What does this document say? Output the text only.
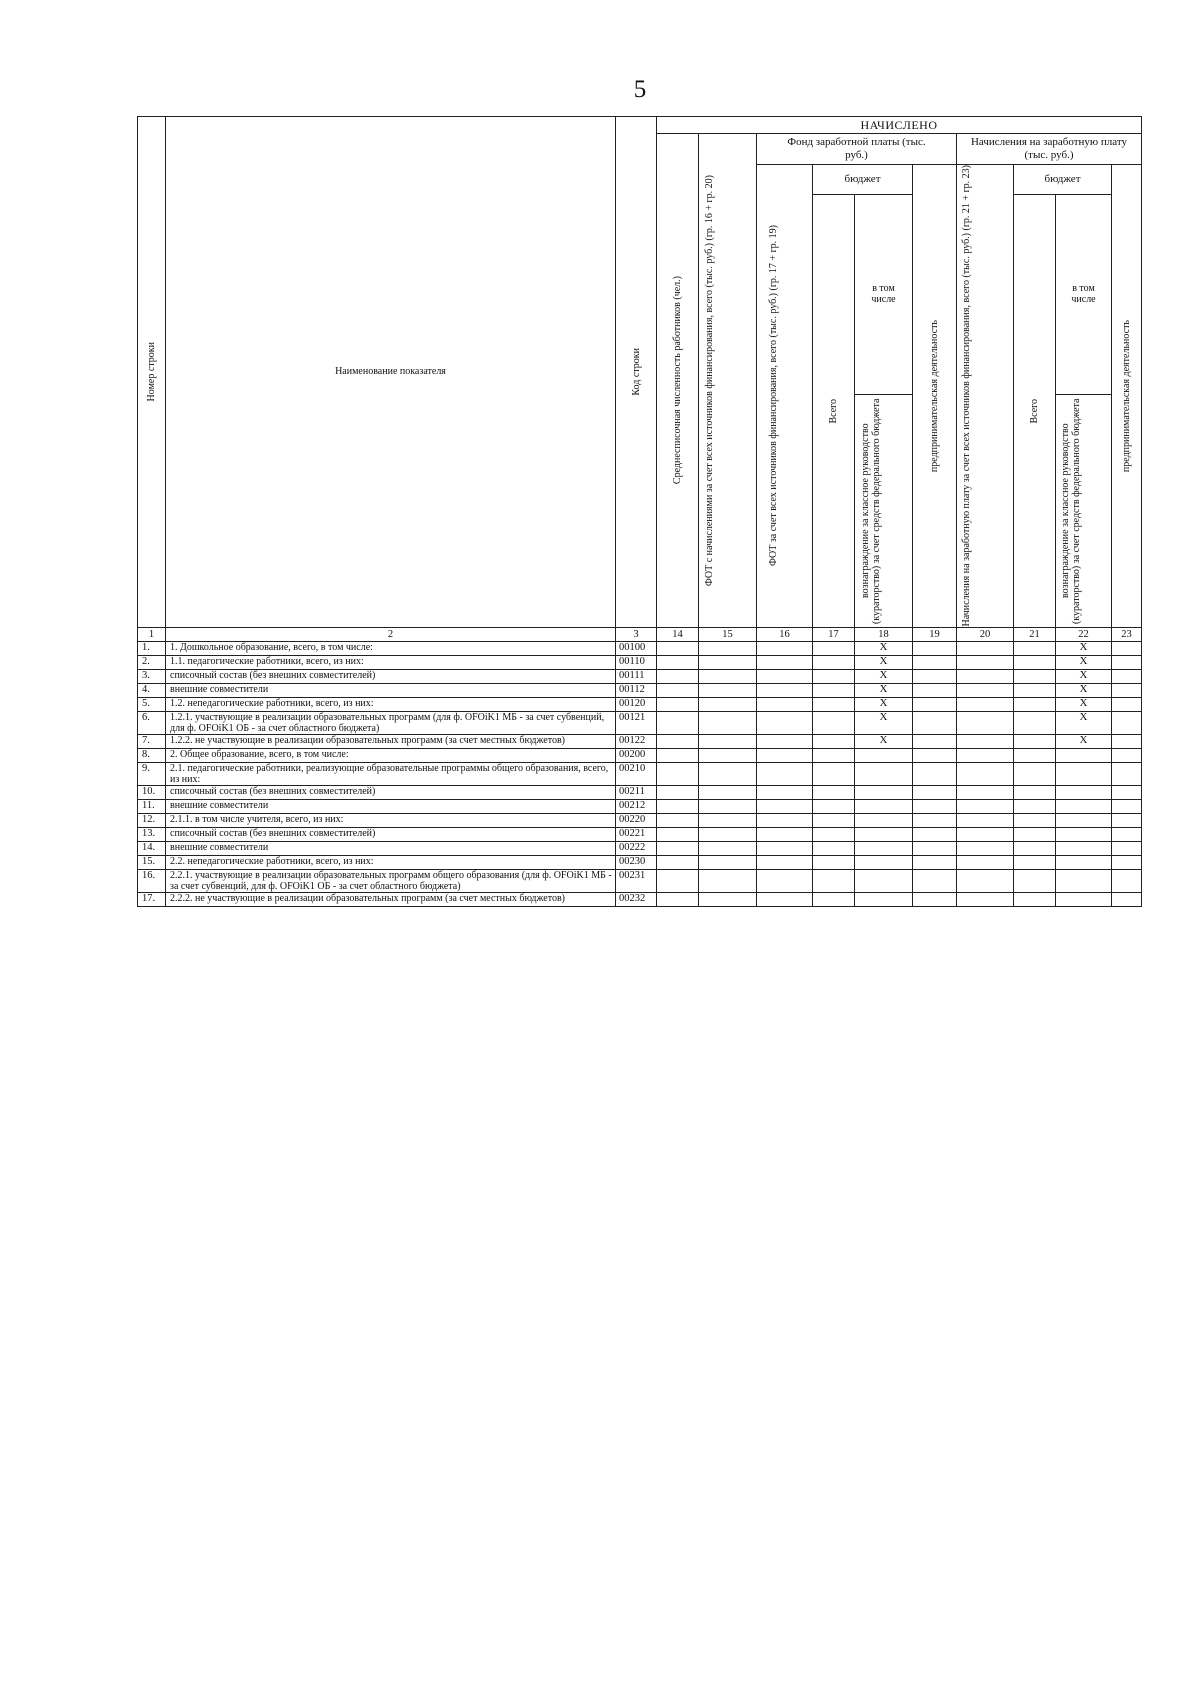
5
Номер строки	Наименование показателя	Код строки	НАЧИСЛЕНО									

			Среднесписочная численность работников (чел.)	ФОТ с начислениями за счет всех источников финансирования, всего (тыс. руб.) (гр. 16 + гр. 20)	Фонд заработной платы (тыс. руб.)				Начисления на заработную плату (тыс. руб.)			

					ФОТ за счет всех источников финансирования, всего (тыс. руб.) (гр. 17 + гр. 19)	бюджет		предпринимательская деятельность	Начисления на заработную плату за счет всех источников финансирования, всего (тыс. руб.) (гр. 21 + гр. 23)	бюджет		предпринимательская деятельность

						Всего	в том числе			Всего	в том числе	

							вознаграждение за классное руководство (кураторство) за счет средств федерального бюджета				вознаграждение за классное руководство (кураторство) за счет средств федерального бюджета	

1	2	3	14	15	16	17	18	19	20	21	22	23
1.	1. Дошкольное образование, всего, в том числе:	00100					X				X	
2.	1.1. педагогические работники, всего, из них:	00110					X				X	
3.	списочный состав (без внешних совместителей)	00111					X				X	
4.	внешние совместители	00112					X				X	
5.	1.2. непедагогические работники, всего, из них:	00120					X				X	
6.	1.2.1. участвующие в реализации образовательных программ (для ф. OFOiK1 МБ - за счет субвенций, для ф. OFOiK1 ОБ - за счет областного бюджета)	00121					X				X	
7.	1.2.2. не участвующие в реализации образовательных программ (за счет местных бюджетов)	00122					X				X	
8.	2. Общее образование, всего, в том числе:	00200										
9.	2.1. педагогические работники, реализующие образовательные программы общего образования, всего, из них:	00210										
10.	списочный состав (без внешних совместителей)	00211										
11.	внешние совместители	00212										
12.	2.1.1. в том числе учителя, всего, из них:	00220										
13.	списочный состав (без внешних совместителей)	00221										
14.	внешние совместители	00222										
15.	2.2. непедагогические работники, всего, из них:	00230										
16.	2.2.1. участвующие в реализации образовательных программ общего образования (для ф. OFOiK1 МБ - за счет субвенций, для ф. OFOiK1 ОБ - за счет областного бюджета)	00231										
17.	2.2.2. не участвующие в реализации образовательных программ (за счет местных бюджетов)	00232										
